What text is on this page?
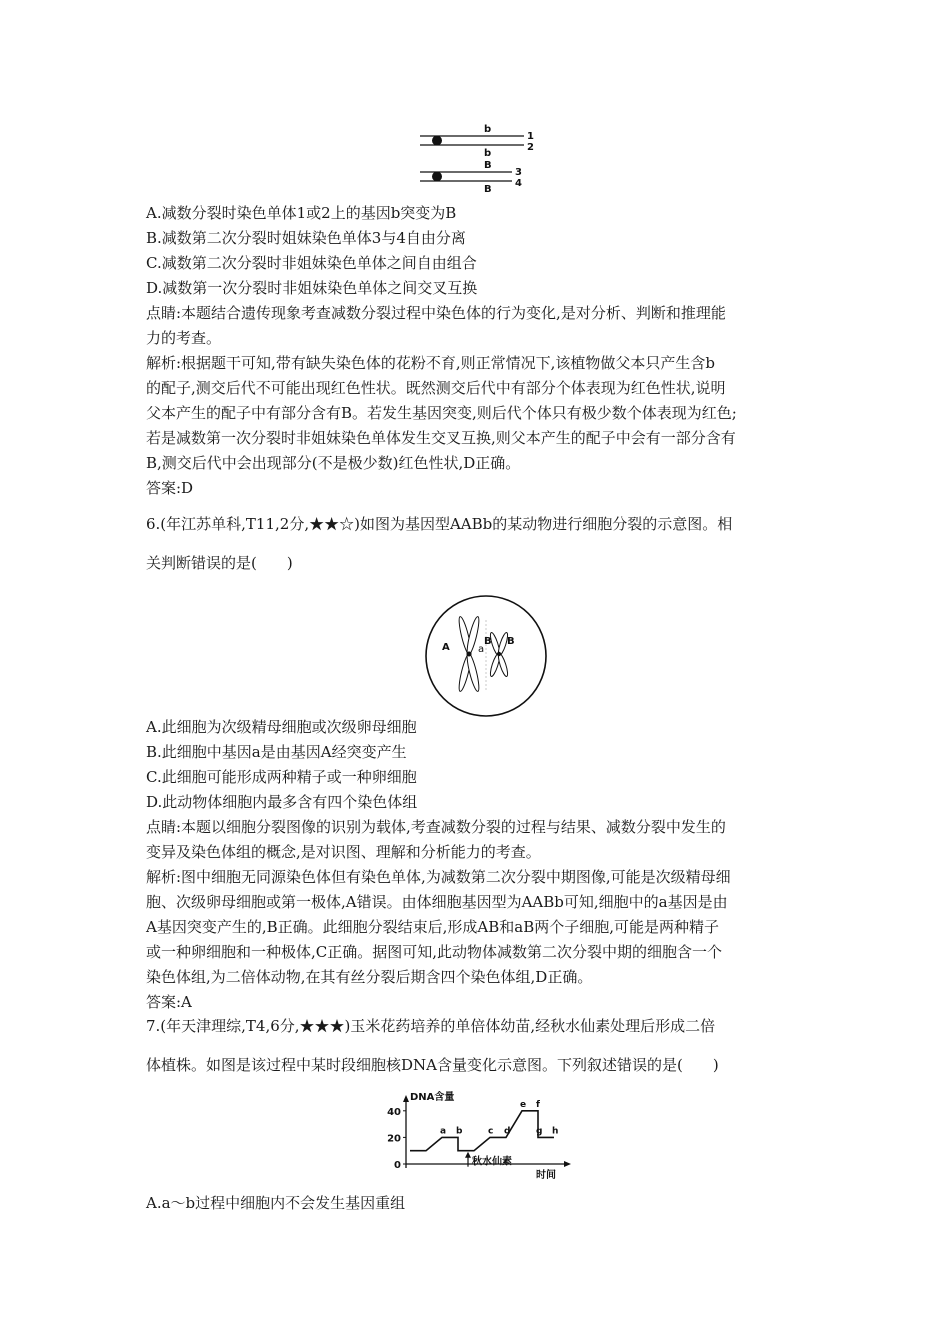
b
1
2
b
B
3
4
B
A.减数分裂时染色单体1或2上的基因b突变为B
B.减数第二次分裂时姐妹染色单体3与4自由分离
C.减数第二次分裂时非姐妹染色单体之间自由组合
D.减数第一次分裂时非姐妹染色单体之间交叉互换
点睛:本题结合遗传现象考查减数分裂过程中染色体的行为变化,是对分析、判断和推理能
力的考查。
解析:根据题干可知,带有缺失染色体的花粉不育,则正常情况下,该植物做父本只产生含b
的配子,测交后代不可能出现红色性状。既然测交后代中有部分个体表现为红色性状,说明
父本产生的配子中有部分含有B。若发生基因突变,则后代个体只有极少数个体表现为红色;
若是减数第一次分裂时非姐妹染色单体发生交叉互换,则父本产生的配子中会有一部分含有
B,测交后代中会出现部分(不是极少数)红色性状,D正确。
答案:D
6.(年江苏单科,T11,2分,★★☆)如图为基因型AABb的某动物进行细胞分裂的示意图。相
关判断错误的是(　　)
A	a
B B
A.此细胞为次级精母细胞或次级卵母细胞
B.此细胞中基因a是由基因A经突变产生
C.此细胞可能形成两种精子或一种卵细胞
D.此动物体细胞内最多含有四个染色体组
点睛:本题以细胞分裂图像的识别为载体,考查减数分裂的过程与结果、减数分裂中发生的
变异及染色体组的概念,是对识图、理解和分析能力的考查。
解析:图中细胞无同源染色体但有染色单体,为减数第二次分裂中期图像,可能是次级精母细
胞、次级卵母细胞或第一极体,A错误。由体细胞基因型为AABb可知,细胞中的a基因是由
A基因突变产生的,B正确。此细胞分裂结束后,形成AB和aB两个子细胞,可能是两种精子
或一种卵细胞和一种极体,C正确。据图可知,此动物体减数第二次分裂中期的细胞含一个
染色体组,为二倍体动物,在其有丝分裂后期含四个染色体组,D正确。
答案:A
7.(年天津理综,T4,6分,★★★)玉米花药培养的单倍体幼苗,经秋水仙素处理后形成二倍
体植株。如图是该过程中某时段细胞核DNA含量变化示意图。下列叙述错误的是(　　)
DNA含量
时间
40
20
0
a b	c d
e f
g h
秋水仙素
A.a～b过程中细胞内不会发生基因重组
